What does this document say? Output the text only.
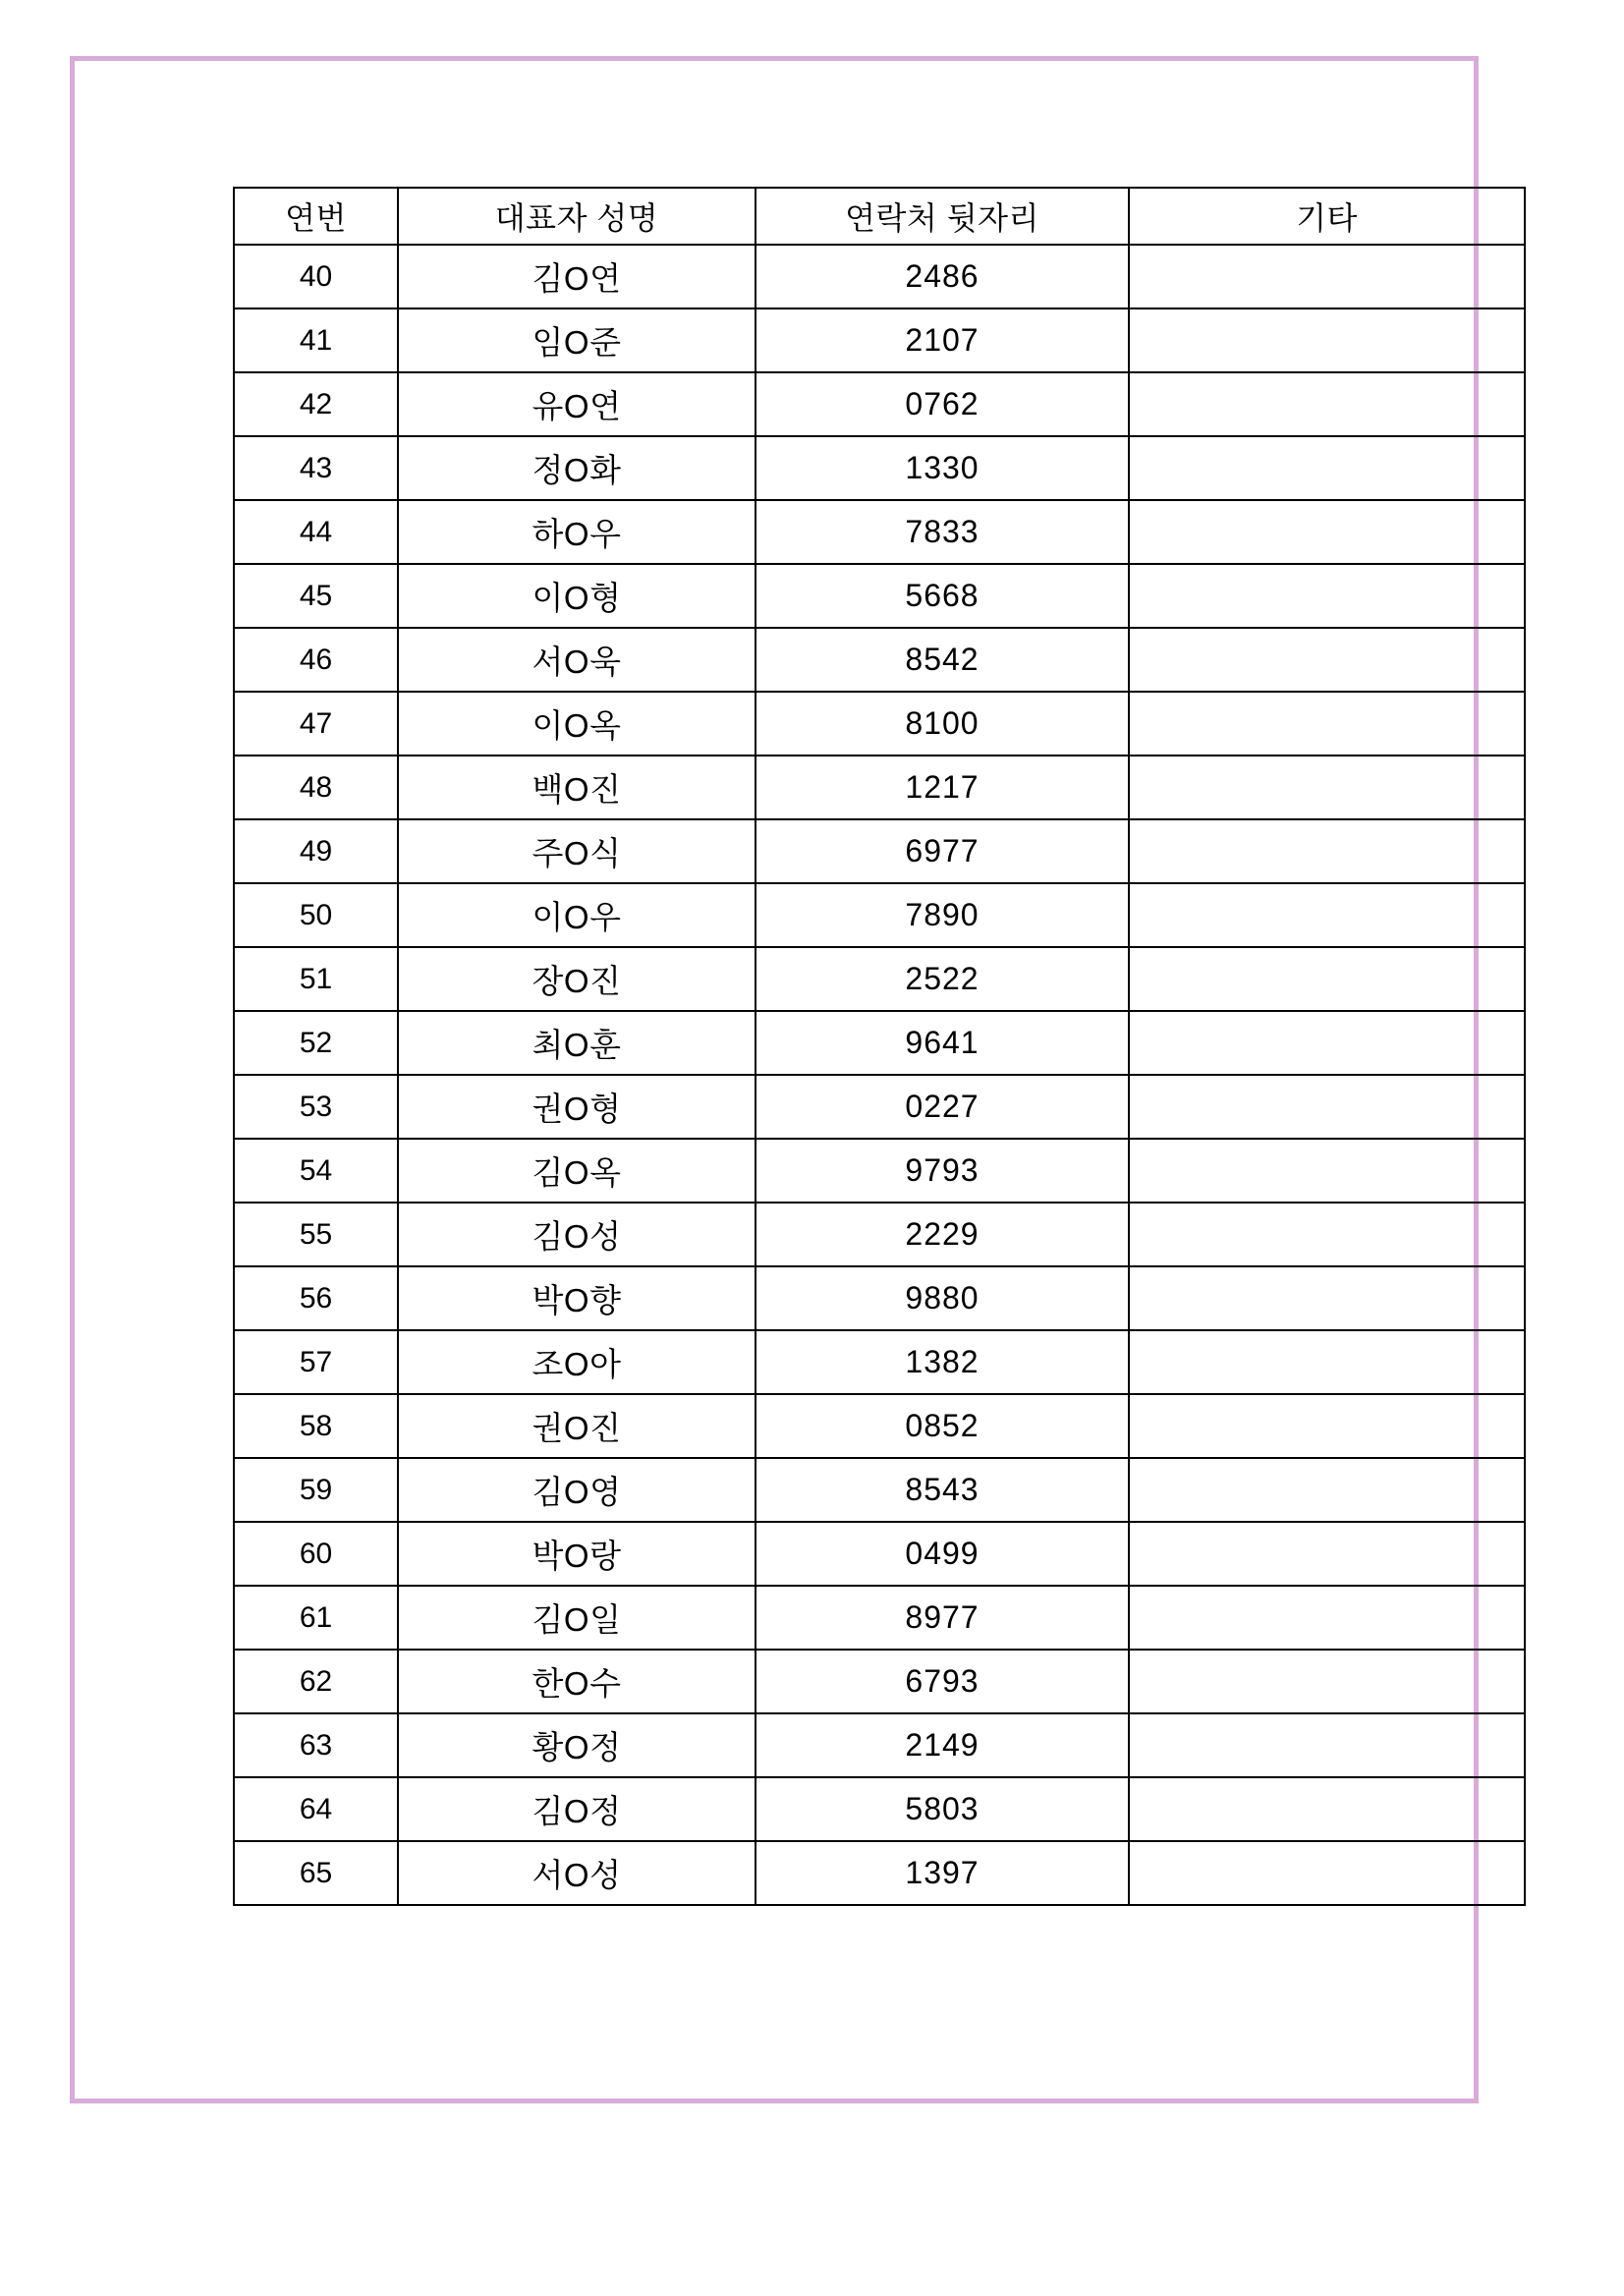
연번	대표자 성명	연락처 뒷자리	기타
40	김O연	2486	
41	임O준	2107	
42	유O연	0762	
43	정O화	1330	
44	하O우	7833	
45	이O형	5668	
46	서O욱	8542	
47	이O옥	8100	
48	백O진	1217	
49	주O식	6977	
50	이O우	7890	
51	장O진	2522	
52	최O훈	9641	
53	권O형	0227	
54	김O옥	9793	
55	김O성	2229	
56	박O향	9880	
57	조O아	1382	
58	권O진	0852	
59	김O영	8543	
60	박O랑	0499	
61	김O일	8977	
62	한O수	6793	
63	황O정	2149	
64	김O정	5803	
65	서O성	1397	
